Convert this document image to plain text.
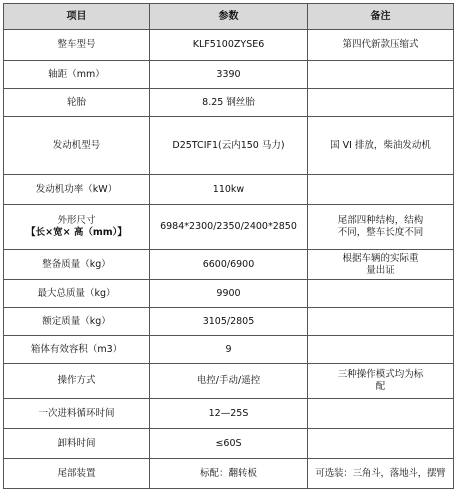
项目	参数	备注
整车型号	KLF5100ZYSE6	第四代新款压缩式
轴距（mm）	3390	
轮胎	8.25 钢丝胎	
发动机型号	D25TCIF1(云内150 马力)	国 VI 排放，柴油发动机
发动机功率（kW）	110kw	

外形尺寸
【长×宽× 高（mm）】	6984*2300/2350/2400*2850	尾部四种结构，结构
不同，整车长度不同

整备质量（kg）	6600/6900	根据车辆的实际重
量出证

最大总质量（kg）	9900	
额定质量（kg）	3105/2805	
箱体有效容积（m3）	9	
操作方式	电控/手动/遥控	三种操作模式均为标
配

一次进料循环时间	12—25S	
卸料时间	≤60S	
尾部装置	标配：翻转板	可选装：三角斗，落地斗，摆臂
